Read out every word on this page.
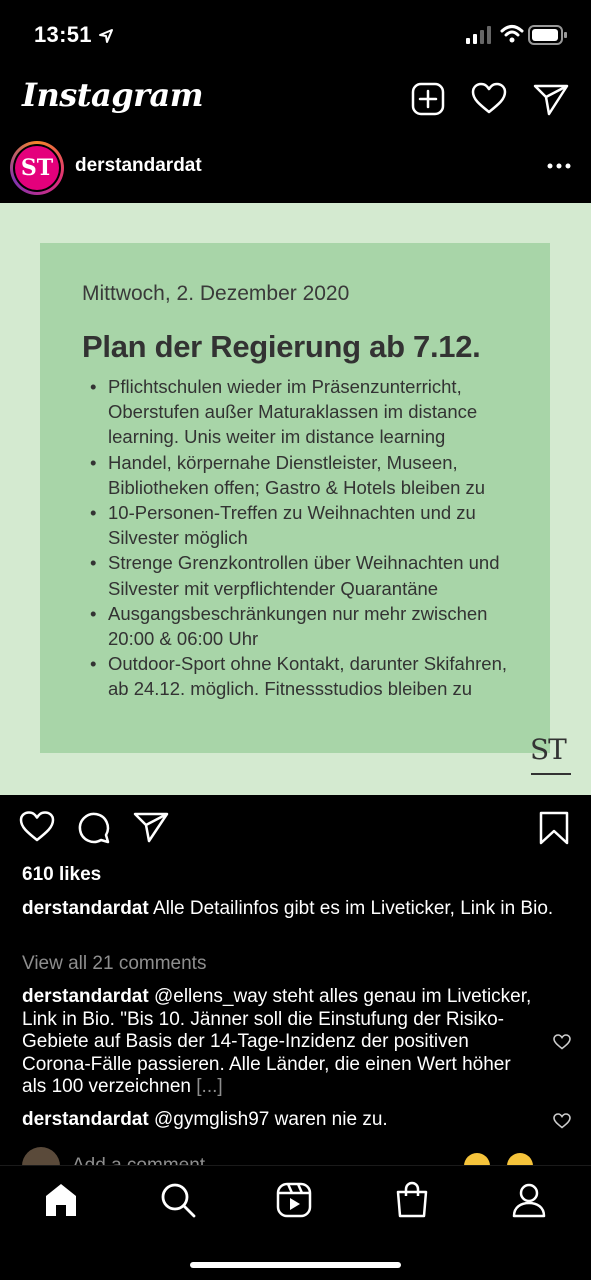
13:51
Instagram
ST	derstandardat
Mittwoch, 2. Dezember 2020
Plan der Regierung ab 7.12.
• Pflichtschulen wieder im Präsenzunterricht, Oberstufen außer Maturaklassen im distance learning. Unis weiter im distance learning
• Handel, körpernahe Dienstleister, Museen, Bibliotheken offen; Gastro & Hotels bleiben zu
• 10-Personen-Treffen zu Weihnachten und zu Silvester möglich
• Strenge Grenzkontrollen über Weihnachten und Silvester mit verpflichtender Quarantäne
• Ausgangsbeschränkungen nur mehr zwischen 20:00 & 06:00 Uhr
• Outdoor-Sport ohne Kontakt, darunter Skifahren, ab 24.12. möglich. Fitnessstudios bleiben zu
ST
610 likes
derstandardat Alle Detailinfos gibt es im Liveticker, Link in Bio.
View all 21 comments
derstandardat @ellens_way steht alles genau im Liveticker, Link in Bio. "Bis 10. Jänner soll die Einstufung der Risiko-Gebiete auf Basis der 14-Tage-Inzidenz der positiven Corona-Fälle passieren. Alle Länder, die einen Wert höher als 100 verzeichnen [...]
derstandardat @gymglish97 waren nie zu.
